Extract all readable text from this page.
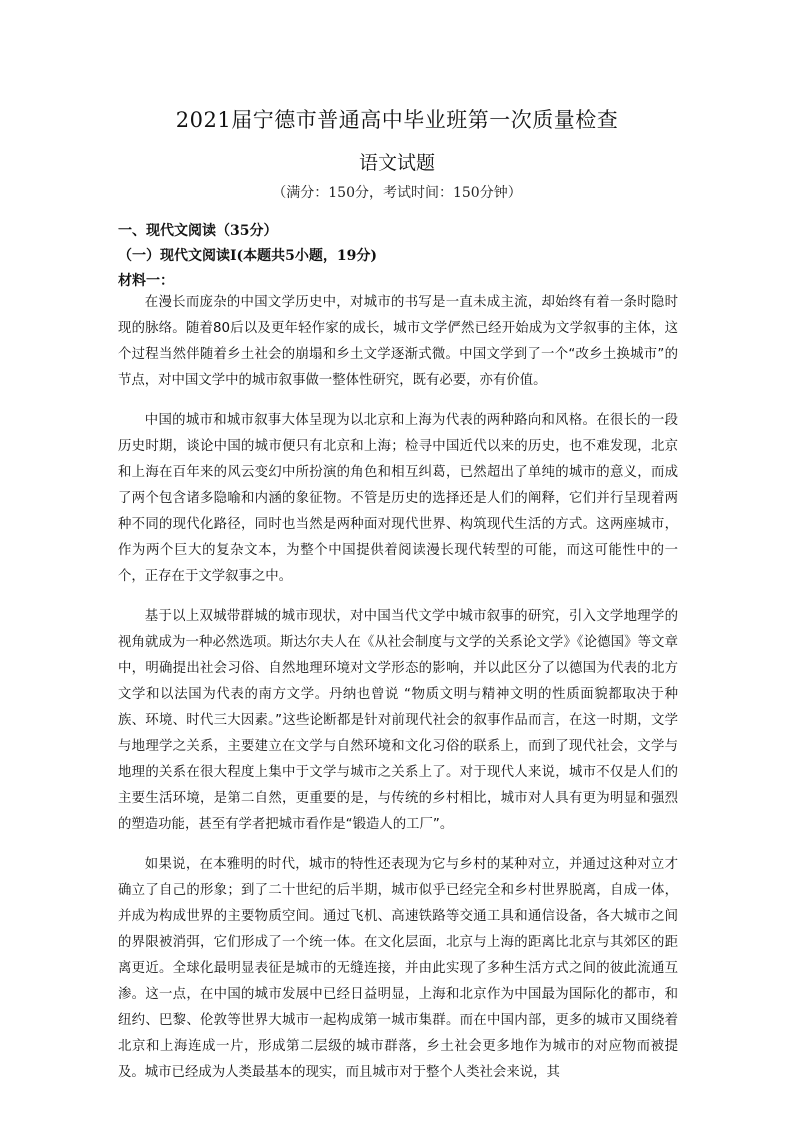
2021届宁德市普通高中毕业班第一次质量检查
语文试题
（满分：150分，考试时间：150分钟）
一、现代文阅读（35分）
（一）现代文阅读Ⅰ(本题共5小题，19分)
材料一：

在漫长而庞杂的中国文学历史中，对城市的书写是一直未成主流，却始终有着一条时隐时现的脉络。随着80后以及更年轻作家的成长，城市文学俨然已经开始成为文学叙事的主体，这个过程当然伴随着乡土社会的崩塌和乡土文学逐渐式微。中国文学到了一个“改乡土换城市”的节点，对中国文学中的城市叙事做一整体性研究，既有必要，亦有价值。

中国的城市和城市叙事大体呈现为以北京和上海为代表的两种路向和风格。在很长的一段历史时期，谈论中国的城市便只有北京和上海；检寻中国近代以来的历史，也不难发现，北京和上海在百年来的风云变幻中所扮演的角色和相互纠葛，已然超出了单纯的城市的意义，而成了两个包含诸多隐喻和内涵的象征物。不管是历史的选择还是人们的阐释，它们并行呈现着两种不同的现代化路径，同时也当然是两种面对现代世界、构筑现代生活的方式。这两座城市，作为两个巨大的复杂文本，为整个中国提供着阅读漫长现代转型的可能，而这可能性中的一个，正存在于文学叙事之中。

基于以上双城带群城的城市现状，对中国当代文学中城市叙事的研究，引入文学地理学的视角就成为一种必然选项。斯达尔夫人在《从社会制度与文学的关系论文学》《论德国》等文章中，明确提出社会习俗、自然地理环境对文学形态的影响，并以此区分了以德国为代表的北方文学和以法国为代表的南方文学。丹纳也曾说 “物质文明与精神文明的性质面貌都取决于种族、环境、时代三大因素。”这些论断都是针对前现代社会的叙事作品而言，在这一时期，文学与地理学之关系，主要建立在文学与自然环境和文化习俗的联系上，而到了现代社会，文学与地理的关系在很大程度上集中于文学与城市之关系上了。对于现代人来说，城市不仅是人们的主要生活环境，是第二自然，更重要的是，与传统的乡村相比，城市对人具有更为明显和强烈的塑造功能，甚至有学者把城市看作是“锻造人的工厂”。

如果说，在本雅明的时代，城市的特性还表现为它与乡村的某种对立，并通过这种对立才确立了自己的形象；到了二十世纪的后半期，城市似乎已经完全和乡村世界脱离，自成一体，并成为构成世界的主要物质空间。通过飞机、高速铁路等交通工具和通信设备，各大城市之间的界限被消弭，它们形成了一个统一体。在文化层面，北京与上海的距离比北京与其郊区的距离更近。全球化最明显表征是城市的无缝连接，并由此实现了多种生活方式之间的彼此流通互渗。这一点，在中国的城市发展中已经日益明显，上海和北京作为中国最为国际化的都市，和纽约、巴黎、伦敦等世界大城市一起构成第一城市集群。而在中国内部，更多的城市又围绕着北京和上海连成一片，形成第二层级的城市群落，乡土社会更多地作为城市的对应物而被提及。城市已经成为人类最基本的现实，而且城市对于整个人类社会来说，其
